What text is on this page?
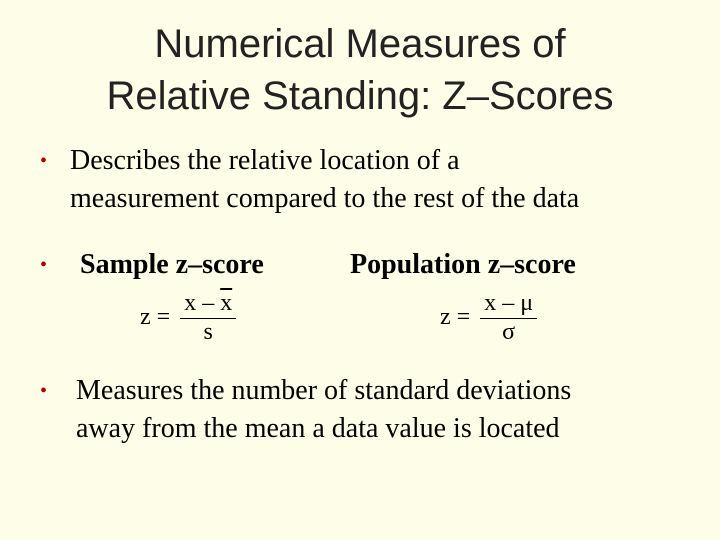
Numerical Measures of
Relative Standing: Z–Scores
• Describes the relative location of a
measurement compared to the rest of the data
•	Sample z–score	Population z–score
$z = \frac{x - \overline{x}}{s}$	$z = \frac{x - \mu}{\sigma}$
•	Measures the number of standard deviations
away from the mean a data value is located
